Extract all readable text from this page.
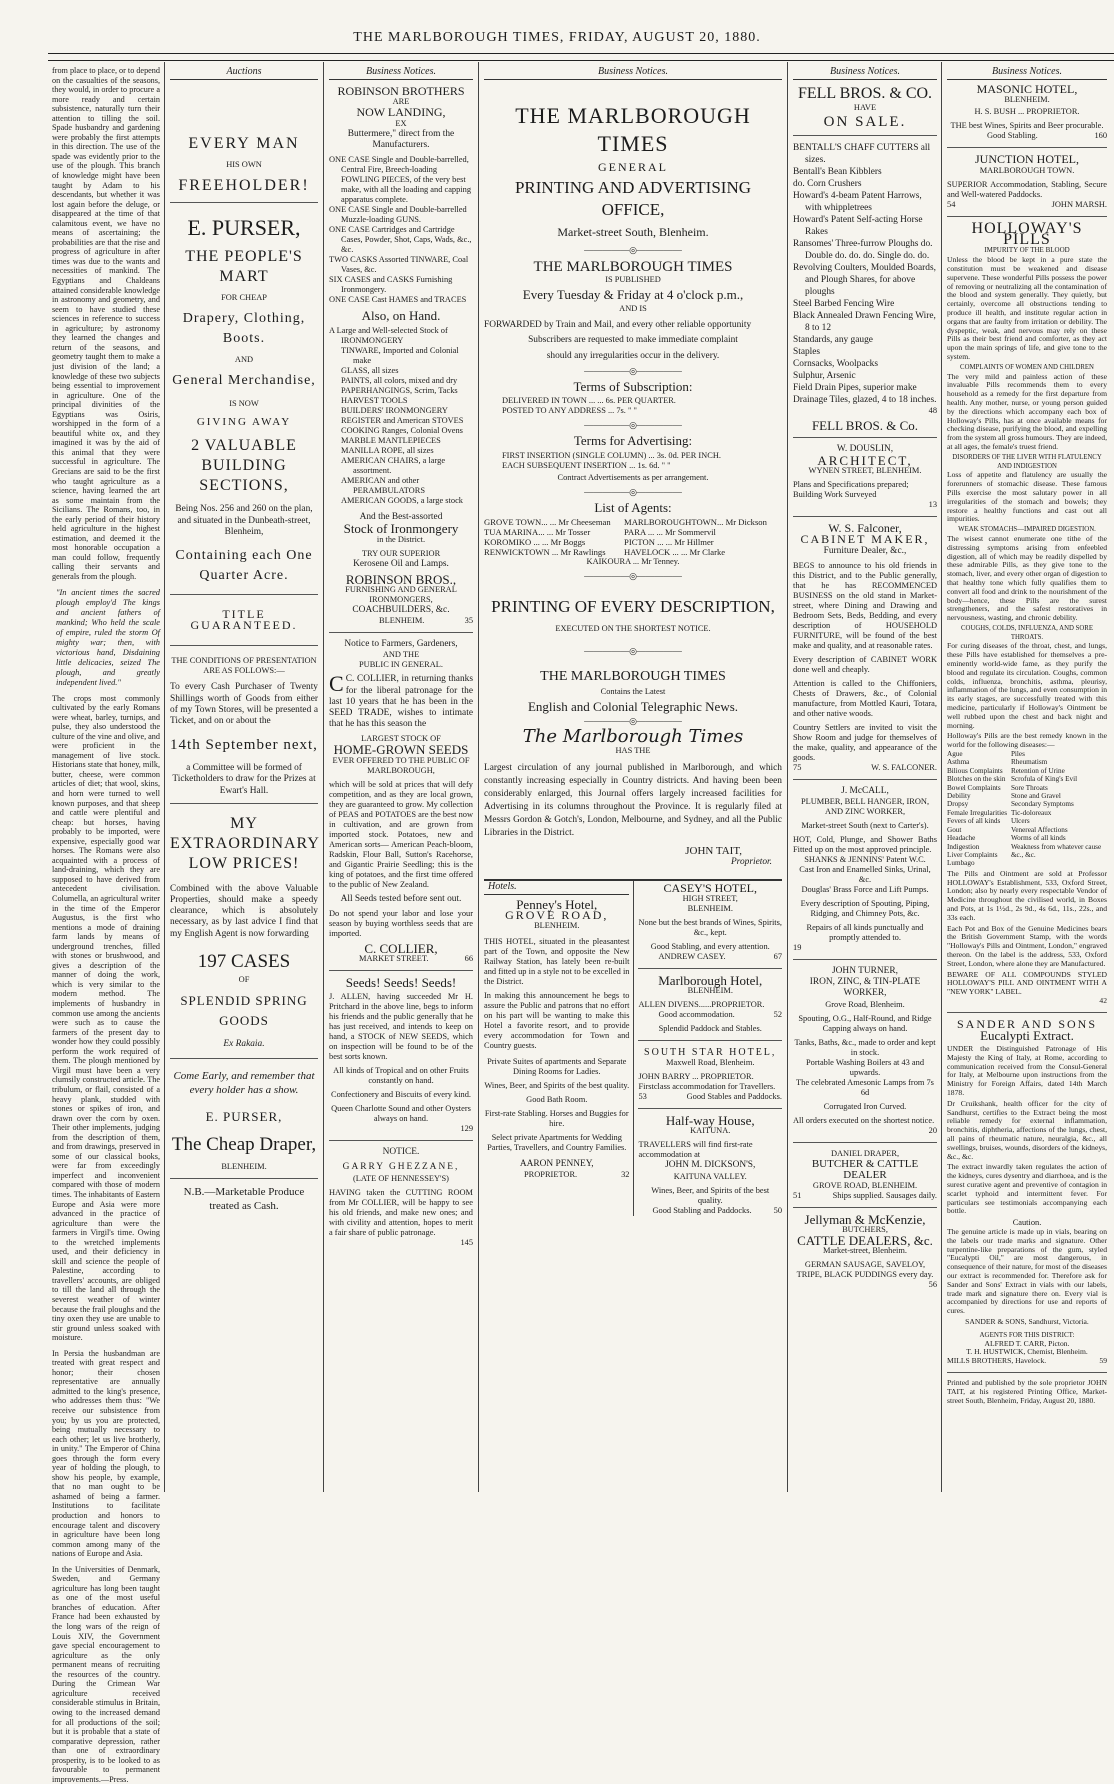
THE MARLBOROUGH TIMES, FRIDAY, AUGUST 20, 1880.
from place to place, or to depend on the casualties of the seasons, they would, in order to procure a more ready and certain subsistence, naturally turn their attention to tilling the soil. Spade husbandry and gardening were probably the first attempts in this direction. The use of the spade was evidently prior to the use of the plough. This branch of knowledge might have been taught by Adam to his descendants, but whether it was lost again before the deluge, or disappeared at the time of that calamitous event, we have no means of ascertaining; the probabilities are that the rise and progress of agriculture in after times was due to the wants and necessities of mankind. The Egyptians and Chaldeans attained considerable knowledge in astronomy and geometry, and seem to have studied these sciences in reference to success in agriculture; by astronomy they learned the changes and return of the seasons, and geometry taught them to make a just division of the land; a knowledge of these two subjects being essential to improvement in agriculture. One of the principal divinities of the Egyptians was Osiris, worshipped in the form of a beautiful white ox, and they imagined it was by the aid of this animal that they were successful in agriculture. The Grecians are said to be the first who taught agriculture as a science, having learned the art as some maintain from the Sicilians. The Romans, too, in the early period of their history held agriculture in the highest estimation, and deemed it the most honorable occupation a man could follow, frequently calling their servants and generals from the plough.
"In ancient times the sacred plough employ'd The kings and ancient fathers of mankind; Who held the scale of empire, ruled the storm Of mighty war; then, with victorious hand, Disdaining little delicacies, seized The plough, and greatly independent lived."
The crops most commonly cultivated by the early Romans were wheat, barley, turnips, and pulse, they also understood the culture of the vine and olive, and were proficient in the management of live stock. Historians state that honey, milk, butter, cheese, were common articles of diet; that wool, skins, and horn were turned to well known purposes, and that sheep and cattle were plentiful and cheap: but horses, having probably to be imported, were expensive, especially good war horses. The Romans were also acquainted with a process of land-draining, which they are supposed to have derived from antecedent civilisation. Columella, an agricultural writer in the time of the Emperor Augustus, is the first who mentions a mode of draining farm lands by means of underground trenches, filled with stones or brushwood, and gives a description of the manner of doing the work, which is very similar to the modern method. The implements of husbandry in common use among the ancients were such as to cause the farmers of the present day to wonder how they could possibly perform the work required of them. The plough mentioned by Virgil must have been a very clumsily constructed article. The tribulum, or flail, consisted of a heavy plank, studded with stones or spikes of iron, and drawn over the corn by oxen. Their other implements, judging from the description of them, and from drawings, preserved in some of our classical books, were far from exceedingly imperfect and inconvenient compared with those of modern times. The inhabitants of Eastern Europe and Asia were more advanced in the practice of agriculture than were the farmers in Virgil's time. Owing to the wretched implements used, and their deficiency in skill and science the people of Palestine, according to travellers' accounts, are obliged to till the land all through the severest weather of winter because the frail ploughs and the tiny oxen they use are unable to stir ground unless soaked with moisture.
In Persia the husbandman are treated with great respect and honor; their chosen representative are annually admitted to the king's presence, who addresses them thus: "We receive our subsistence from you; by us you are protected, being mutually necessary to each other; let us live brotherly, in unity." The Emperor of China goes through the form every year of holding the plough, to show his people, by example, that no man ought to be ashamed of being a farmer. Institutions to facilitate production and honors to encourage talent and discovery in agriculture have been long common among many of the nations of Europe and Asia.
In the Universities of Denmark, Sweden, and Germany agriculture has long been taught as one of the most useful branches of education. After France had been exhausted by the long wars of the reign of Louis XIV, the Government gave special encouragement to agriculture as the only permanent means of recruiting the resources of the country. During the Crimean War agriculture received considerable stimulus in Britain, owing to the increased demand for all productions of the soil; but it is probable that a state of comparative depression, rather than one of extraordinary prosperity, is to be looked to as favourable to permanent improvements.—Press.
Auctions
EVERY MAN
HIS OWN
FREEHOLDER!
E. PURSER,
THE PEOPLE'S MART
FOR CHEAP
Drapery, Clothing, Boots.
AND
General Merchandise,
IS NOW
GIVING AWAY
2 VALUABLE BUILDING SECTIONS,
Being Nos. 256 and 260 on the plan, and situated in the Dunbeath-street, Blenheim,
Containing each One Quarter Acre.
TITLE GUARANTEED.
THE CONDITIONS OF PRESENTATION ARE AS FOLLOWS:—
To every Cash Purchaser of Twenty Shillings worth of Goods from either of my Town Stores, will be presented a Ticket, and on or about the
14th September next,
a Committee will be formed of Ticketholders to draw for the Prizes at Ewart's Hall.
MY EXTRAORDINARY LOW PRICES!
Combined with the above Valuable Properties, should make a speedy clearance, which is absolutely necessary, as by last advice I find that my English Agent is now forwarding
197 CASES
OF
SPLENDID SPRING GOODS
Ex Rakaia.
Come Early, and remember that every holder has a show.
E. PURSER,
The Cheap Draper,
BLENHEIM.
N.B.—Marketable Produce treated as Cash.
Business Notices.
ROBINSON BROTHERS
ARE
NOW LANDING,
EX
Buttermere," direct from the Manufacturers.
ONE CASE Single and Double-barrelled, Central Fire, Breech-loading FOWLING PIECES, of the very best make, with all the loading and capping apparatus complete.
ONE CASE Single and Double-barrelled Muzzle-loading GUNS.
ONE CASE Cartridges and Cartridge Cases, Powder, Shot, Caps, Wads, &c., &c.
TWO CASKS Assorted TINWARE, Coal Vases, &c.
SIX CASES and CASKS Furnishing Ironmongery.
ONE CASE Cast HAMES and TRACES
Also, on Hand.
A Large and Well-selected Stock of
IRONMONGERY
TINWARE, Imported and Colonial make
GLASS, all sizes
PAINTS, all colors, mixed and dry
PAPERHANGINGS, Scrim, Tacks
HARVEST TOOLS
BUILDERS' IRONMONGERY
REGISTER and American STOVES
COOKING Ranges, Colonial Ovens
MARBLE MANTLEPIECES
MANILLA ROPE, all sizes
AMERICAN CHAIRS, a large assortment.
AMERICAN and other PERAMBULATORS
AMERICAN GOODS, a large stock
And the Best-assorted
Stock of Ironmongery
in the District.
TRY OUR SUPERIOR
Kerosene Oil and Lamps.
ROBINSON BROS.,
FURNISHING AND GENERAL IRONMONGERS,
COACHBUILDERS, &c.
BLENHEIM.	35
Notice to Farmers, Gardeners,
AND THE
PUBLIC IN GENERAL.
C C. COLLIER, in returning thanks for the liberal patronage for the last 10 years that he has been in the SEED TRADE, wishes to intimate that he has this season the
LARGEST STOCK OF
HOME-GROWN SEEDS
EVER OFFERED TO THE PUBLIC OF MARLBOROUGH,
which will be sold at prices that will defy competition, and as they are local grown, they are guaranteed to grow. My collection of PEAS and POTATOES are the best now in cultivation, and are grown from imported stock. Potatoes, new and American sorts— American Peach-bloom, Radskin, Flour Ball, Sutton's Racehorse, and Gigantic Prairie Seedling; this is the king of potatoes, and the first time offered to the public of New Zealand.
All Seeds tested before sent out.
Do not spend your labor and lose your season by buying worthless seeds that are imported.
C. COLLIER,
MARKET STREET.	66
Seeds! Seeds! Seeds!
J. ALLEN, having succeeded Mr H. Pritchard in the above line, begs to inform his friends and the public generally that he has just received, and intends to keep on hand, a STOCK of NEW SEEDS, which on inspection will be found to be of the best sorts known.
All kinds of Tropical and on other Fruits constantly on hand.
Confectionery and Biscuits of every kind.
Queen Charlotte Sound and other Oysters always on hand.
129
NOTICE.
GARRY GHEZZANE,
(LATE OF HENNESSEY'S)
HAVING taken the CUTTING ROOM from Mr COLLIER, will be happy to see his old friends, and make new ones; and with civility and attention, hopes to merit a fair share of public patronage.
145
Business Notices.
THE MARLBOROUGH TIMES
GENERAL
PRINTING AND ADVERTISING OFFICE,
Market-street South, Blenheim.
—————◎—————
THE MARLBOROUGH TIMES
IS PUBLISHED
Every Tuesday & Friday at 4 o'clock p.m.,
AND IS
FORWARDED by Train and Mail, and every other reliable opportunity
Subscribers are requested to make immediate complaint
should any irregularities occur in the delivery.
—————◎—————
Terms of Subscription:
DELIVERED IN TOWN ... ... 6s. PER QUARTER.
POSTED TO ANY ADDRESS ... 7s. " "
—————◎—————
Terms for Advertising:
FIRST INSERTION (SINGLE COLUMN) ... 3s. 0d. PER INCH.
EACH SUBSEQUENT INSERTION ... 1s. 6d. " "
Contract Advertisements as per arrangement.
—————◎—————
List of Agents:
GROVE TOWN... ... Mr Cheeseman	MARLBOROUGHTOWN... Mr Dickson
TUA MARINA... ... Mr Tosser	PARA ... ... Mr Sommervil
KOROMIKO ... ... Mr Boggs	PICTON ... ... Mr Hillmer
RENWICKTOWN ... Mr Rawlings	HAVELOCK ... ... Mr Clarke
KAIKOURA ... Mr Tenney.
—————◎—————
PRINTING OF EVERY DESCRIPTION,
EXECUTED ON THE SHORTEST NOTICE.
—————◎—————
THE MARLBOROUGH TIMES
Contains the Latest
English and Colonial Telegraphic News.
—————◎—————
The Marlborough Times
HAS THE
Largest circulation of any journal published in Marlborough, and which constantly increasing especially in Country districts. And having been been considerably enlarged, this Journal offers largely increased facilities for Advertising in its columns throughout the Province. It is regularly filed at Messrs Gordon & Gotch's, London, Melbourne, and Sydney, and all the Public Libraries in the District.
JOHN TAIT,
Proprietor.
Hotels.
Penney's Hotel,
GROVE ROAD,
BLENHEIM.
THIS HOTEL, situated in the pleasantest part of the Town, and opposite the New Railway Station, has lately been re-built and fitted up in a style not to be excelled in the District.
In making this announcement he begs to assure the Public and patrons that no effort on his part will be wanting to make this Hotel a favorite resort, and to provide every accommodation for Town and Country guests.
Private Suites of apartments and Separate Dining Rooms for Ladies.
Wines, Beer, and Spirits of the best quality.
Good Bath Room.
First-rate Stabling. Horses and Buggies for hire.
Select private Apartments for Wedding Parties, Travellers, and Country Families.
AARON PENNEY,
PROPRIETOR.	32
CASEY'S HOTEL,
HIGH STREET,
BLENHEIM.
None but the best brands of Wines, Spirits, &c., kept.
Good Stabling, and every attention.
ANDREW CASEY.	67
Marlborough Hotel,
BLENHEIM.
ALLEN DIVENS......PROPRIETOR.
Good accommodation.	52
Splendid Paddock and Stables.
SOUTH STAR HOTEL,
Maxwell Road, Blenheim.
JOHN BARRY ... PROPRIETOR.
Firstclass accommodation for Travellers.
53	Good Stables and Paddocks.
Half-way House,
KAITUNA.
TRAVELLERS will find first-rate accommodation at
JOHN M. DICKSON'S,
KAITUNA VALLEY.
Wines, Beer, and Spirits of the best quality.
Good Stabling and Paddocks.	50
Business Notices.
FELL BROS. & CO.
HAVE
ON SALE.
BENTALL'S CHAFF CUTTERS all sizes.
Bentall's Bean Kibblers
do. Corn Crushers
Howard's 4-beam Patent Harrows, with whippletrees
Howard's Patent Self-acting Horse Rakes
Ransomes' Three-furrow Ploughs do. Double do. do. do. Single do. do.
Revolving Coulters, Moulded Boards, and Plough Shares, for above ploughs
Steel Barbed Fencing Wire
Black Annealed Drawn Fencing Wire, 8 to 12
Standards, any gauge
Staples
Cornsacks, Woolpacks
Sulphur, Arsenic
Field Drain Pipes, superior make
Drainage Tiles, glazed, 4 to 18 inches.
48
FELL BROS. & Co.
W. DOUSLIN,
ARCHITECT,
WYNEN STREET, BLENHEIM.
Plans and Specifications prepared; Building Work Surveyed
13
W. S. Falconer,
CABINET MAKER,
Furniture Dealer, &c.,
BEGS to announce to his old friends in this District, and to the Public generally, that he has RECOMMENCED BUSINESS on the old stand in Market-street, where Dining and Drawing and Bedroom Sets, Beds, Bedding, and every description of HOUSEHOLD FURNITURE, will be found of the best make and quality, and at reasonable rates.
Every description of CABINET WORK done well and cheaply.
Attention is called to the Chiffoniers, Chests of Drawers, &c., of Colonial manufacture, from Mottled Kauri, Totara, and other native woods.
Country Settlers are invited to visit the Show Room and judge for themselves of the make, quality, and appearance of the goods.
75	W. S. FALCONER.
J. McCALL,
PLUMBER, BELL HANGER, IRON, AND ZINC WORKER,
Market-street South (next to Carter's).
HOT, Cold, Plunge, and Shower Baths Fitted up on the most approved principle.
SHANKS & JENNINS' Patent W.C.
Cast Iron and Enamelled Sinks, Urinal, &c.
Douglas' Brass Force and Lift Pumps.
Every description of Spouting, Piping, Ridging, and Chimney Pots, &c.
Repairs of all kinds punctually and promptly attended to.
19
JOHN TURNER,
IRON, ZINC, & TIN-PLATE WORKER,
Grove Road, Blenheim.
Spouting, O.G., Half-Round, and Ridge Capping always on hand.
Tanks, Baths, &c., made to order and kept in stock.
Portable Washing Boilers at 43 and upwards.
The celebrated Amesonic Lamps from 7s 6d
Corrugated Iron Curved.
All orders executed on the shortest notice.
20
DANIEL DRAPER,
BUTCHER & CATTLE DEALER
GROVE ROAD, BLENHEIM.
51	Ships supplied. Sausages daily.
Jellyman & McKenzie,
BUTCHERS,
CATTLE DEALERS, &c.
Market-street, Blenheim.
GERMAN SAUSAGE, SAVELOY, TRIPE, BLACK PUDDINGS every day.
56
Business Notices.
MASONIC HOTEL,
BLENHEIM.
H. S. BUSH ... PROPRIETOR.
THE best Wines, Spirits and Beer procurable.
Good Stabling.	160
JUNCTION HOTEL,
MARLBOROUGH TOWN.
SUPERIOR Accommodation, Stabling, Secure and Well-watered Paddocks.
54	JOHN MARSH.
HOLLOWAY'S PILLS
IMPURITY OF THE BLOOD
Unless the blood be kept in a pure state the constitution must be weakened and disease supervene. These wonderful Pills possess the power of removing or neutralizing all the contamination of the blood and system generally. They quietly, but certainly, overcome all obstructions tending to produce ill health, and institute regular action in organs that are faulty from irritation or debility. The dyspeptic, weak, and nervous may rely on these Pills as their best friend and comforter, as they act upon the main springs of life, and give tone to the system.
COMPLAINTS OF WOMEN AND CHILDREN
The very mild and painless action of these invaluable Pills recommends them to every household as a remedy for the first departure from health. Any mother, nurse, or young person guided by the directions which accompany each box of Holloway's Pills, has at once available means for checking disease, purifying the blood, and expelling from the system all gross humours. They are indeed, at all ages, the female's truest friend.
DISORDERS OF THE LIVER WITH FLATULENCY AND INDIGESTION
Loss of appetite and flatulency are usually the forerunners of stomachic disease. These famous Pills exercise the most salutary power in all irregularities of the stomach and bowels; they restore a healthy functions and cast out all impurities.
WEAK STOMACHS—IMPAIRED DIGESTION.
The wisest cannot enumerate one tithe of the distressing symptoms arising from enfeebled digestion, all of which may be readily dispelled by these admirable Pills, as they give tone to the stomach, liver, and every other organ of digestion to that healthy tone which fully qualifies them to convert all food and drink to the nourishment of the body—hence, these Pills are the surest strengtheners, and the safest restoratives in nervousness, wasting, and chronic debility.
COUGHS, COLDS, INFLUENZA, AND SORE THROATS.
For curing diseases of the throat, chest, and lungs, these Pills have established for themselves a pre-eminently world-wide fame, as they purify the blood and regulate its circulation. Coughs, common colds, influenza, bronchitis, asthma, pleurisy, inflammation of the lungs, and even consumption in its early stages, are successfully treated with this medicine, particularly if Holloway's Ointment be well rubbed upon the chest and back night and morning.
Holloway's Pills are the best remedy known in the world for the following diseases:—
Ague	Piles
Asthma	Rheumatism
Bilious Complaints	Retention of Urine
Blotches on the skin	Scrofula of King's Evil
Bowel Complaints	Sore Throats
Debility	Stone and Gravel
Dropsy	Secondary Symptoms
Female Irregularities	Tic-doloreaux
Fevers of all kinds	Ulcers
Gout	Venereal Affections
Headache	Worms of all kinds
Indigestion	Weakness from whatever cause
Liver Complaints	&c., &c.
Lumbago	
The Pills and Ointment are sold at Professor HOLLOWAY's Establishment, 533, Oxford Street, London; also by nearly every respectable Vendor of Medicine throughout the civilised world, in Boxes and Pots, at 1s 1½d., 2s 9d., 4s 6d., 11s., 22s., and 33s each.
Each Pot and Box of the Genuine Medicines bears the British Government Stamp, with the words "Holloway's Pills and Ointment, London," engraved thereon. On the label is the address, 533, Oxford Street, London, where alone they are Manufactured.
BEWARE OF ALL COMPOUNDS STYLED HOLLOWAY'S PILL AND OINTMENT WITH A "NEW YORK" LABEL.
42
SANDER AND SONS
Eucalypti Extract.
UNDER the Distinguished Patronage of His Majesty the King of Italy, at Rome, according to communication received from the Consul-General for Italy, at Melbourne upon instructions from the Ministry for Foreign Affairs, dated 14th March 1878.
Dr Cruikshank, health officer for the city of Sandhurst, certifies to the Extract being the most reliable remedy for external inflammation, bronchitis, diphtheria, affections of the lungs, chest, all pains of rheumatic nature, neuralgia, &c., all swellings, bruises, wounds, disorders of the kidneys, &c., &c.
The extract inwardly taken regulates the action of the kidneys, cures dysentry and diarrhoea, and is the surest curative agent and preventive of contagion in scarlet typhoid and intermittent fever. For particulars see testimonials accompanying each bottle.
Caution.
The genuine article is made up in vials, bearing on the labels our trade marks and signature. Other turpentine-like preparations of the gum, styled "Eucalypti Oil," are most dangerous, in consequence of their nature, for most of the diseases our extract is recommended for. Therefore ask for Sander and Sons' Extract in vials with our labels, trade mark and signature there on. Every vial is accompanied by directions for use and reports of cures.
SANDER & SONS, Sandhurst, Victoria.
AGENTS FOR THIS DISTRICT:
ALFRED T. CARR, Picton.
T. H. HUSTWICK, Chemist, Blenheim.
MILLS BROTHERS, Havelock.	59
Printed and published by the sole proprietor JOHN TAIT, at his registered Printing Office, Market-street South, Blenheim, Friday, August 20, 1880.
